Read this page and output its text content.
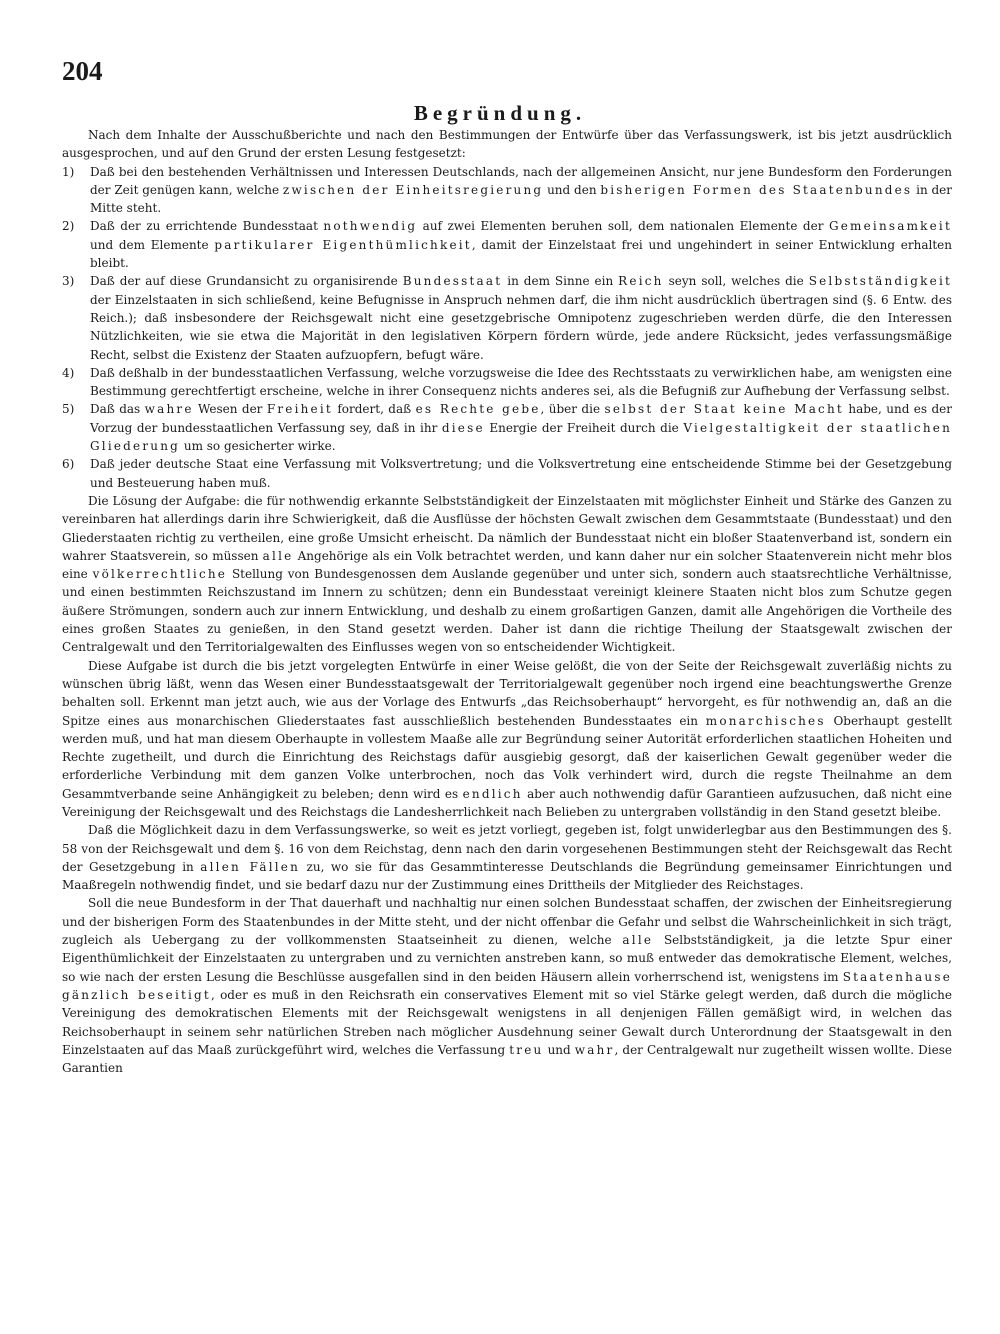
204
Begründung.

Nach dem Inhalte der Ausschußberichte und nach den Bestimmungen der Entwürfe über das Verfassungswerk, ist bis jetzt ausdrücklich ausgesprochen, und auf den Grund der ersten Lesung festgesetzt:

1) Daß bei den bestehenden Verhältnissen und Interessen Deutschlands, nach der allgemeinen Ansicht, nur jene Bundesform den Forderungen der Zeit genügen kann, welche zwischen der Einheitsregierung und den bisherigen Formen des Staatenbundes in der Mitte steht.

2) Daß der zu errichtende Bundesstaat nothwendig auf zwei Elementen beruhen soll, dem nationalen Elemente der Gemeinsamkeit und dem Elemente partikularer Eigenthümlichkeit, damit der Einzelstaat frei und ungehindert in seiner Entwicklung erhalten bleibt.

3) Daß der auf diese Grundansicht zu organisirende Bundesstaat in dem Sinne ein Reich seyn soll, welches die Selbstständigkeit der Einzelstaaten in sich schließend, keine Befugnisse in Anspruch nehmen darf, die ihm nicht ausdrücklich übertragen sind (§. 6 Entw. des Reich.); daß insbesondere der Reichsgewalt nicht eine gesetzgebrische Omnipotenz zugeschrieben werden dürfe, die den Interessen Nützlichkeiten, wie sie etwa die Majorität in den legislativen Körpern fördern würde, jede andere Rücksicht, jedes verfassungsmäßige Recht, selbst die Existenz der Staaten aufzuopfern, befugt wäre.

4) Daß deßhalb in der bundesstaatlichen Verfassung, welche vorzugsweise die Idee des Rechtsstaats zu verwirklichen habe, am wenigsten eine Bestimmung gerechtfertigt erscheine, welche in ihrer Consequenz nichts anderes sei, als die Befugniß zur Aufhebung der Verfassung selbst.

5) Daß das wahre Wesen der Freiheit fordert, daß es Rechte gebe, über die selbst der Staat keine Macht habe, und es der Vorzug der bundesstaatlichen Verfassung sey, daß in ihr diese Energie der Freiheit durch die Vielgestaltigkeit der staatlichen Gliederung um so gesicherter wirke.

6) Daß jeder deutsche Staat eine Verfassung mit Volksvertretung; und die Volksvertretung eine entscheidende Stimme bei der Gesetzgebung und Besteuerung haben muß.

Die Lösung der Aufgabe: die für nothwendig erkannte Selbstständigkeit der Einzelstaaten mit möglichster Einheit und Stärke des Ganzen zu vereinbaren hat allerdings darin ihre Schwierigkeit, daß die Ausflüsse der höchsten Gewalt zwischen dem Gesammtstaate (Bundesstaat) und den Gliederstaaten richtig zu vertheilen, eine große Umsicht erheischt. Da nämlich der Bundesstaat nicht ein bloßer Staatenverband ist, sondern ein wahrer Staatsverein, so müssen alle Angehörige als ein Volk betrachtet werden, und kann daher nur ein solcher Staatenverein nicht mehr blos eine völkerrechtliche Stellung von Bundesgenossen dem Auslande gegenüber und unter sich, sondern auch staatsrechtliche Verhältnisse, und einen bestimmten Reichszustand im Innern zu schützen; denn ein Bundesstaat vereinigt kleinere Staaten nicht blos zum Schutze gegen äußere Strömungen, sondern auch zur innern Entwicklung, und deshalb zu einem großartigen Ganzen, damit alle Angehörigen die Vortheile des eines großen Staates zu genießen, in den Stand gesetzt werden. Daher ist dann die richtige Theilung der Staatsgewalt zwischen der Centralgewalt und den Territorialgewalten des Einflusses wegen von so entscheidender Wichtigkeit.

Diese Aufgabe ist durch die bis jetzt vorgelegten Entwürfe in einer Weise gelößt, die von der Seite der Reichsgewalt zuverläßig nichts zu wünschen übrig läßt, wenn das Wesen einer Bundesstaatsgewalt der Territorialgewalt gegenüber noch irgend eine beachtungswerthe Grenze behalten soll. Erkennt man jetzt auch, wie aus der Vorlage des Entwurfs „das Reichsoberhaupt“ hervorgeht, es für nothwendig an, daß an die Spitze eines aus monarchischen Gliederstaates fast ausschließlich bestehenden Bundesstaates ein monarchisches Oberhaupt gestellt werden muß, und hat man diesem Oberhaupte in vollestem Maaße alle zur Begründung seiner Autorität erforderlichen staatlichen Hoheiten und Rechte zugetheilt, und durch die Einrichtung des Reichstags dafür ausgiebig gesorgt, daß der kaiserlichen Gewalt gegenüber weder die erforderliche Verbindung mit dem ganzen Volke unterbrochen, noch das Volk verhindert wird, durch die regste Theilnahme an dem Gesammtverbande seine Anhängigkeit zu beleben; denn wird es endlich aber auch nothwendig dafür Garantieen aufzusuchen, daß nicht eine Vereinigung der Reichsgewalt und des Reichstags die Landesherrlichkeit nach Belieben zu untergraben vollständig in den Stand gesetzt bleibe.

Daß die Möglichkeit dazu in dem Verfassungswerke, so weit es jetzt vorliegt, gegeben ist, folgt unwiderlegbar aus den Bestimmungen des §. 58 von der Reichsgewalt und dem §. 16 von dem Reichstag, denn nach den darin vorgesehenen Bestimmungen steht der Reichsgewalt das Recht der Gesetzgebung in allen Fällen zu, wo sie für das Gesammtinteresse Deutschlands die Begründung gemeinsamer Einrichtungen und Maaßregeln nothwendig findet, und sie bedarf dazu nur der Zustimmung eines Drittheils der Mitglieder des Reichstages.

Soll die neue Bundesform in der That dauerhaft und nachhaltig nur einen solchen Bundesstaat schaffen, der zwischen der Einheitsregierung und der bisherigen Form des Staatenbundes in der Mitte steht, und der nicht offenbar die Gefahr und selbst die Wahrscheinlichkeit in sich trägt, zugleich als Uebergang zu der vollkommensten Staatseinheit zu dienen, welche alle Selbstständigkeit, ja die letzte Spur einer Eigenthümlichkeit der Einzelstaaten zu untergraben und zu vernichten anstreben kann, so muß entweder das demokratische Element, welches, so wie nach der ersten Lesung die Beschlüsse ausgefallen sind in den beiden Häusern allein vorherrschend ist, wenigstens im Staatenhause gänzlich beseitigt, oder es muß in den Reichsrath ein conservatives Element mit so viel Stärke gelegt werden, daß durch die mögliche Vereinigung des demokratischen Elements mit der Reichsgewalt wenigstens in all denjenigen Fällen gemäßigt wird, in welchen das Reichsoberhaupt in seinem sehr natürlichen Streben nach möglicher Ausdehnung seiner Gewalt durch Unterordnung der Staatsgewalt in den Einzelstaaten auf das Maaß zurückgeführt wird, welches die Verfassung treu und wahr, der Centralgewalt nur zugetheilt wissen wollte. Diese Garantien
